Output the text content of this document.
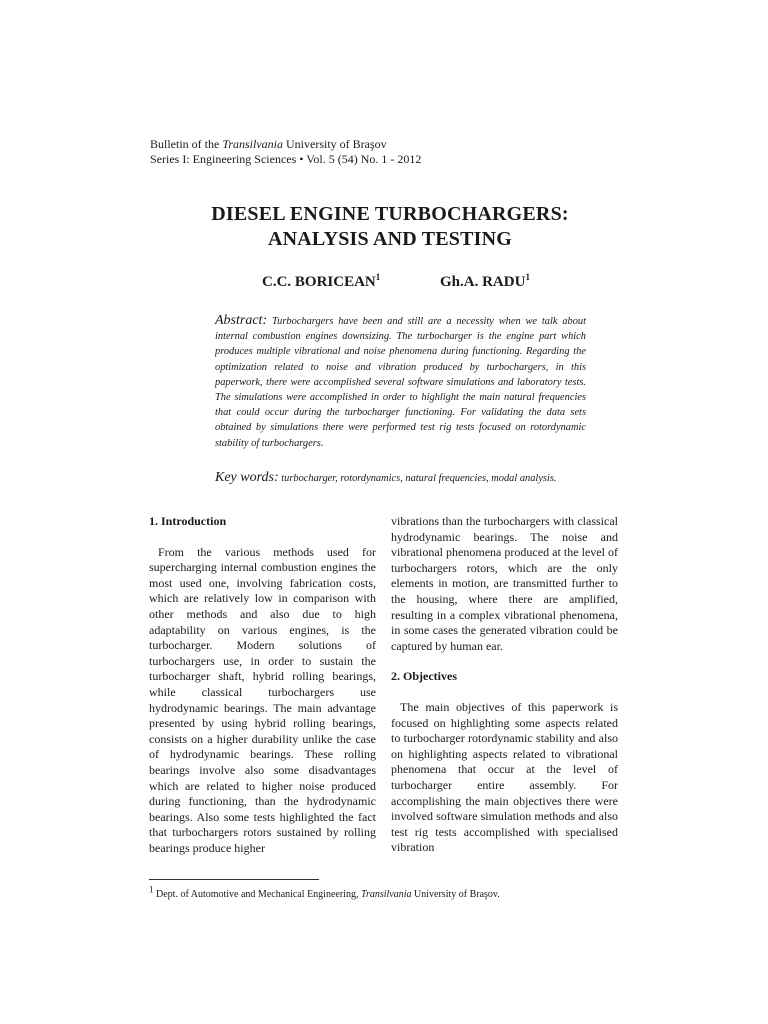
Bulletin of the Transilvania University of Braşov
Series I: Engineering Sciences • Vol. 5 (54) No. 1 - 2012
DIESEL ENGINE TURBOCHARGERS:
ANALYSIS AND TESTING
C.C. BORICEAN$^1$	Gh.A. RADU$^1$
Abstract: Turbochargers have been and still are a necessity when we talk about internal combustion engines downsizing. The turbocharger is the engine part which produces multiple vibrational and noise phenomena during functioning. Regarding the optimization related to noise and vibration produced by turbochargers, in this paperwork, there were accomplished several software simulations and laboratory tests. The simulations were accomplished in order to highlight the main natural frequencies that could occur during the turbocharger functioning. For validating the data sets obtained by simulations there were performed test rig tests focused on rotordynamic stability of turbochargers.
Key words: turbocharger, rotordynamics, natural frequencies, modal analysis.

1. Introduction

From the various methods used for supercharging internal combustion engines the most used one, involving fabrication costs, which are relatively low in comparison with other methods and also due to high adaptability on various engines, is the turbocharger. Modern solutions of turbochargers use, in order to sustain the turbocharger shaft, hybrid rolling bearings, while classical turbochargers use hydrodynamic bearings. The main advantage presented by using hybrid rolling bearings, consists on a higher durability unlike the case of hydrodynamic bearings. These rolling bearings involve also some disadvantages which are related to higher noise produced during functioning, than the hydrodynamic bearings. Also some tests highlighted the fact that turbochargers rotors sustained by rolling bearings produce higher

vibrations than the turbochargers with classical hydrodynamic bearings. The noise and vibrational phenomena produced at the level of turbochargers rotors, which are the only elements in motion, are transmitted further to the housing, where there are amplified, resulting in a complex vibrational phenomena, in some cases the generated vibration could be captured by human ear.

2. Objectives

The main objectives of this paperwork is focused on highlighting some aspects related to turbocharger rotordynamic stability and also on highlighting aspects related to vibrational phenomena that occur at the level of turbocharger entire assembly. For accomplishing the main objectives there were involved software simulation methods and also test rig tests accomplished with specialised vibration

$^1$ Dept. of Automotive and Mechanical Engineering, Transilvania University of Braşov.
